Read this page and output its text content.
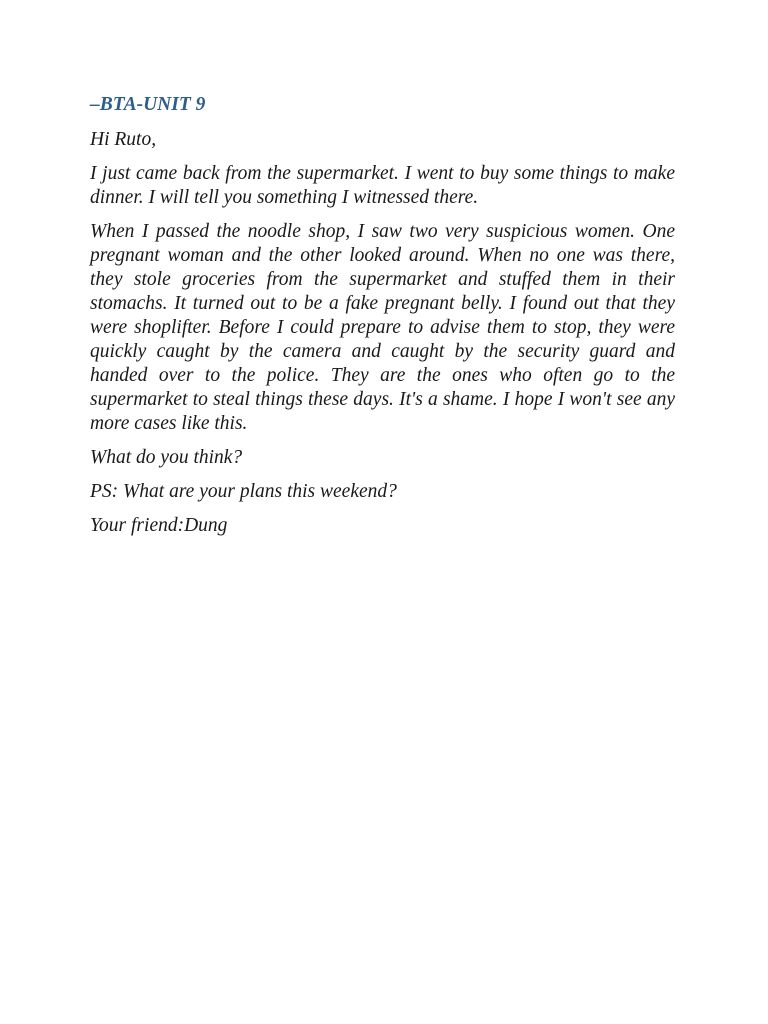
–BTA-UNIT 9

Hi Ruto,

I just came back from the supermarket. I went to buy some things to make dinner. I will tell you something I witnessed there.

When I passed the noodle shop, I saw two very suspicious women. One pregnant woman and the other looked around. When no one was there, they stole groceries from the supermarket and stuffed them in their stomachs. It turned out to be a fake pregnant belly. I found out that they were shoplifter. Before I could prepare to advise them to stop, they were quickly caught by the camera and caught by the security guard and handed over to the police. They are the ones who often go to the supermarket to steal things these days. It's a shame. I hope I won't see any more cases like this.

What do you think?

PS: What are your plans this weekend?

Your friend:Dung
